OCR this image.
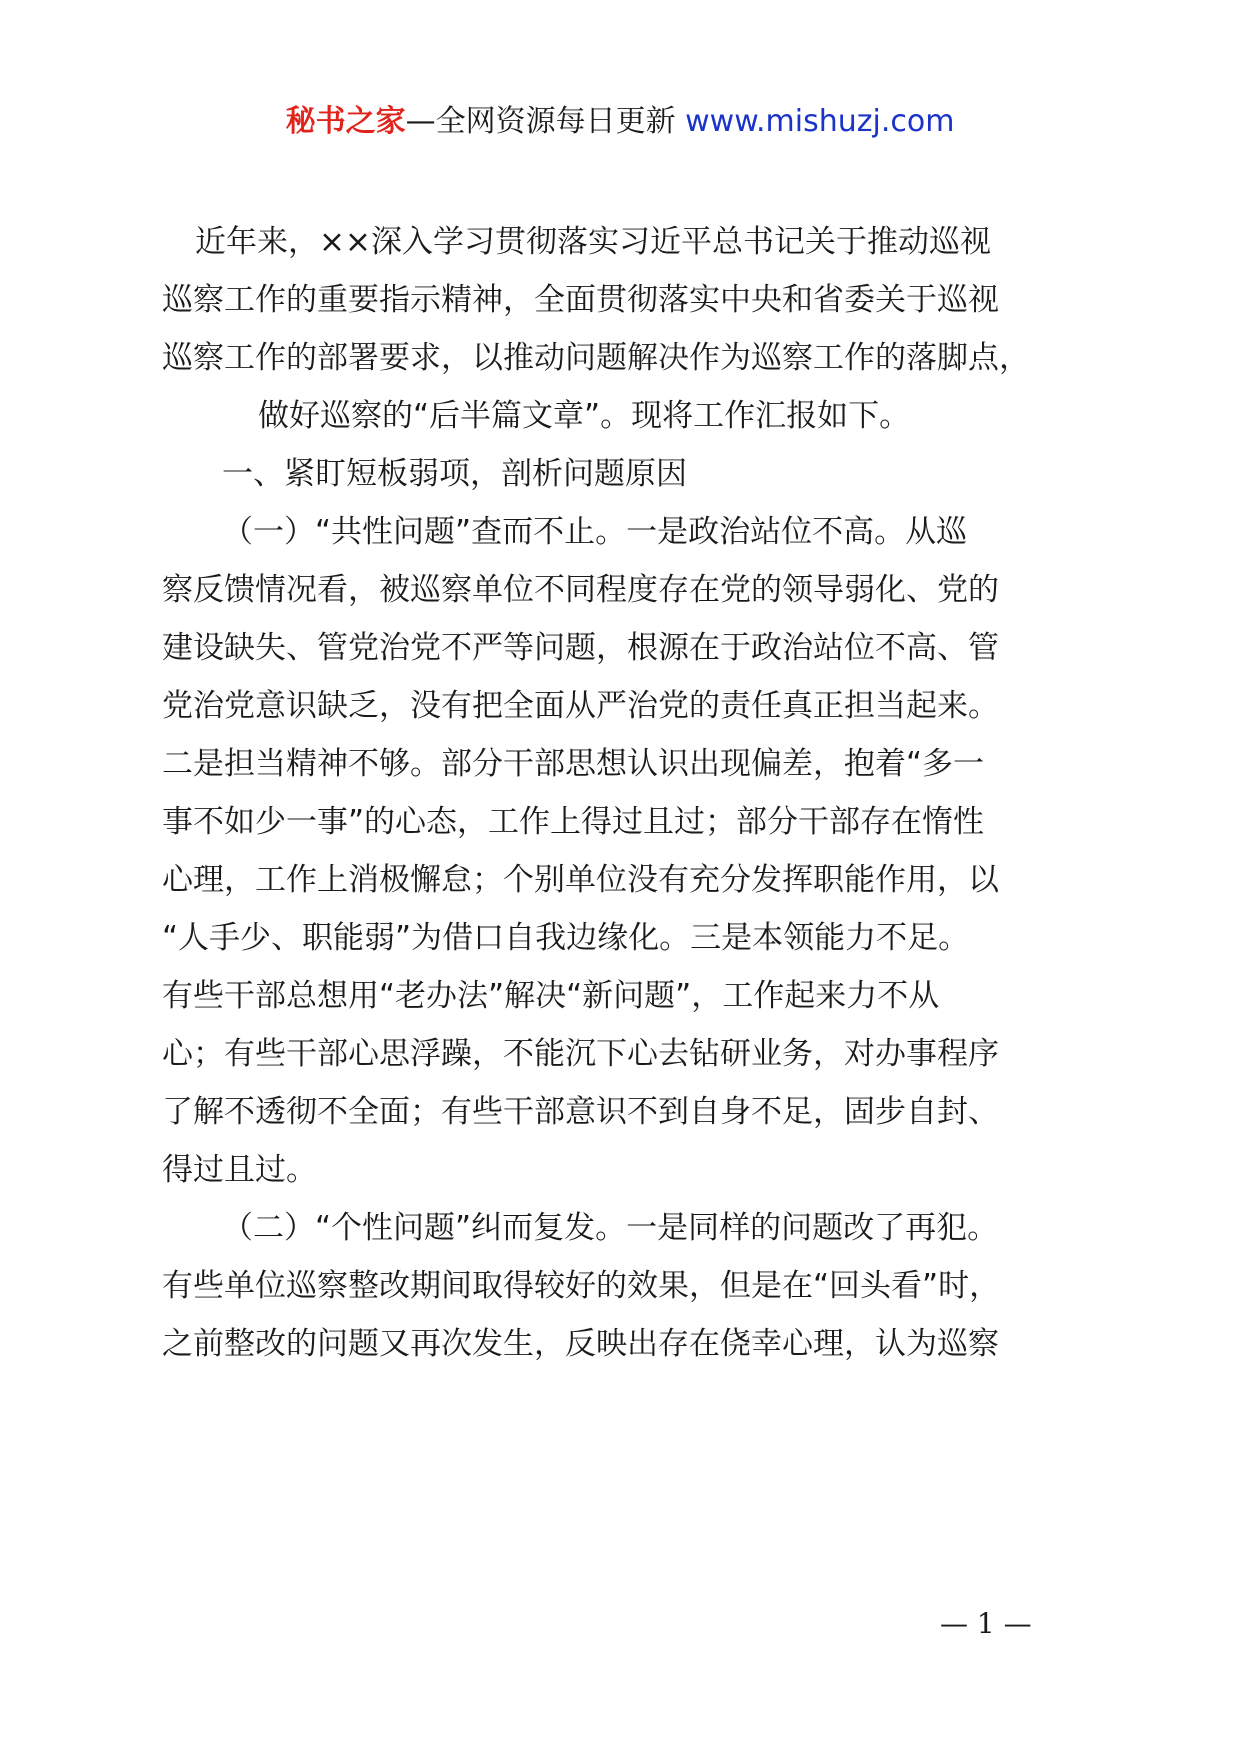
秘书之家—全网资源每日更新 www.mishuzj.com
近年来，××深入学习贯彻落实习近平总书记关于推动巡视
巡察工作的重要指示精神，全面贯彻落实中央和省委关于巡视
巡察工作的部署要求，以推动问题解决作为巡察工作的落脚点，
做好巡察的“后半篇文章”。现将工作汇报如下。
一、紧盯短板弱项，剖析问题原因
（一）“共性问题”查而不止。一是政治站位不高。从巡
察反馈情况看，被巡察单位不同程度存在党的领导弱化、党的
建设缺失、管党治党不严等问题，根源在于政治站位不高、管
党治党意识缺乏，没有把全面从严治党的责任真正担当起来。
二是担当精神不够。部分干部思想认识出现偏差，抱着“多一
事不如少一事”的心态，工作上得过且过；部分干部存在惰性
心理，工作上消极懈怠；个别单位没有充分发挥职能作用，以
“人手少、职能弱”为借口自我边缘化。三是本领能力不足。
有些干部总想用“老办法”解决“新问题”，工作起来力不从
心；有些干部心思浮躁，不能沉下心去钻研业务，对办事程序
了解不透彻不全面；有些干部意识不到自身不足，固步自封、
得过且过。
（二）“个性问题”纠而复发。一是同样的问题改了再犯。
有些单位巡察整改期间取得较好的效果，但是在“回头看”时，
之前整改的问题又再次发生，反映出存在侥幸心理，认为巡察
— 1 —
